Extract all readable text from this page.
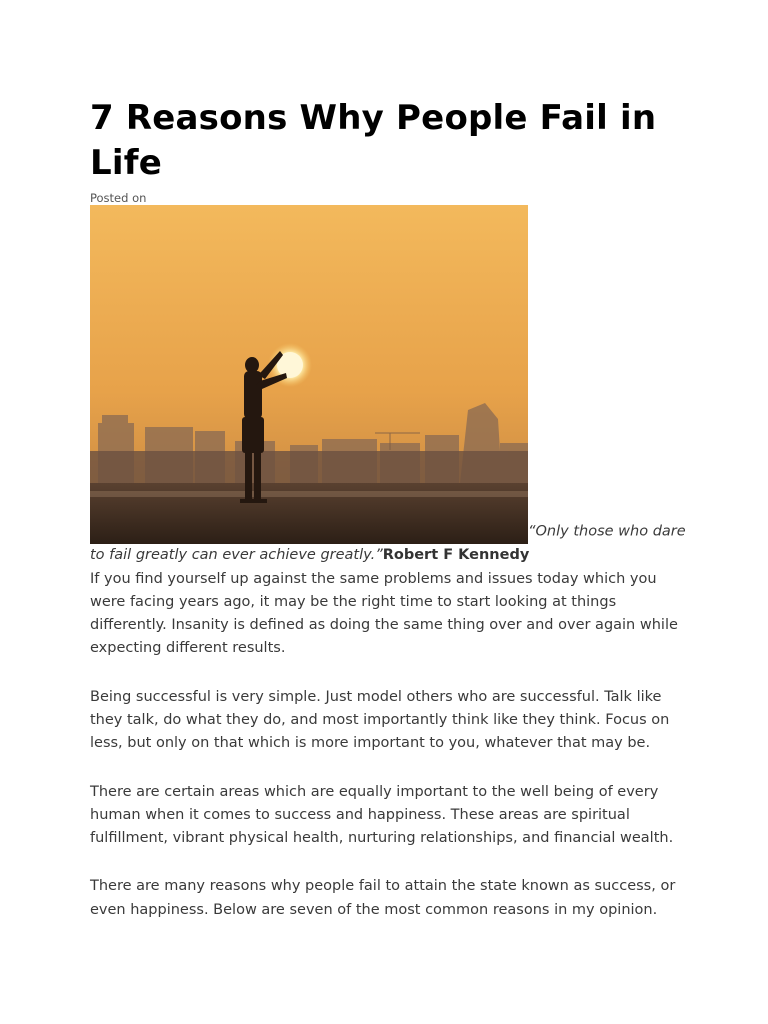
7 Reasons Why People Fail in Life
Posted on
“Only those who dare to fail greatly can ever achieve greatly.”Robert F Kennedy

If you find yourself up against the same problems and issues today which you were facing years ago, it may be the right time to start looking at things differently. Insanity is defined as doing the same thing over and over again while expecting different results.

Being successful is very simple. Just model others who are successful. Talk like they talk, do what they do, and most importantly think like they think. Focus on less, but only on that which is more important to you, whatever that may be.

There are certain areas which are equally important to the well being of every human when it comes to success and happiness. These areas are spiritual fulfillment, vibrant physical health, nurturing relationships, and financial wealth.

There are many reasons why people fail to attain the state known as success, or even happiness. Below are seven of the most common reasons in my opinion.
